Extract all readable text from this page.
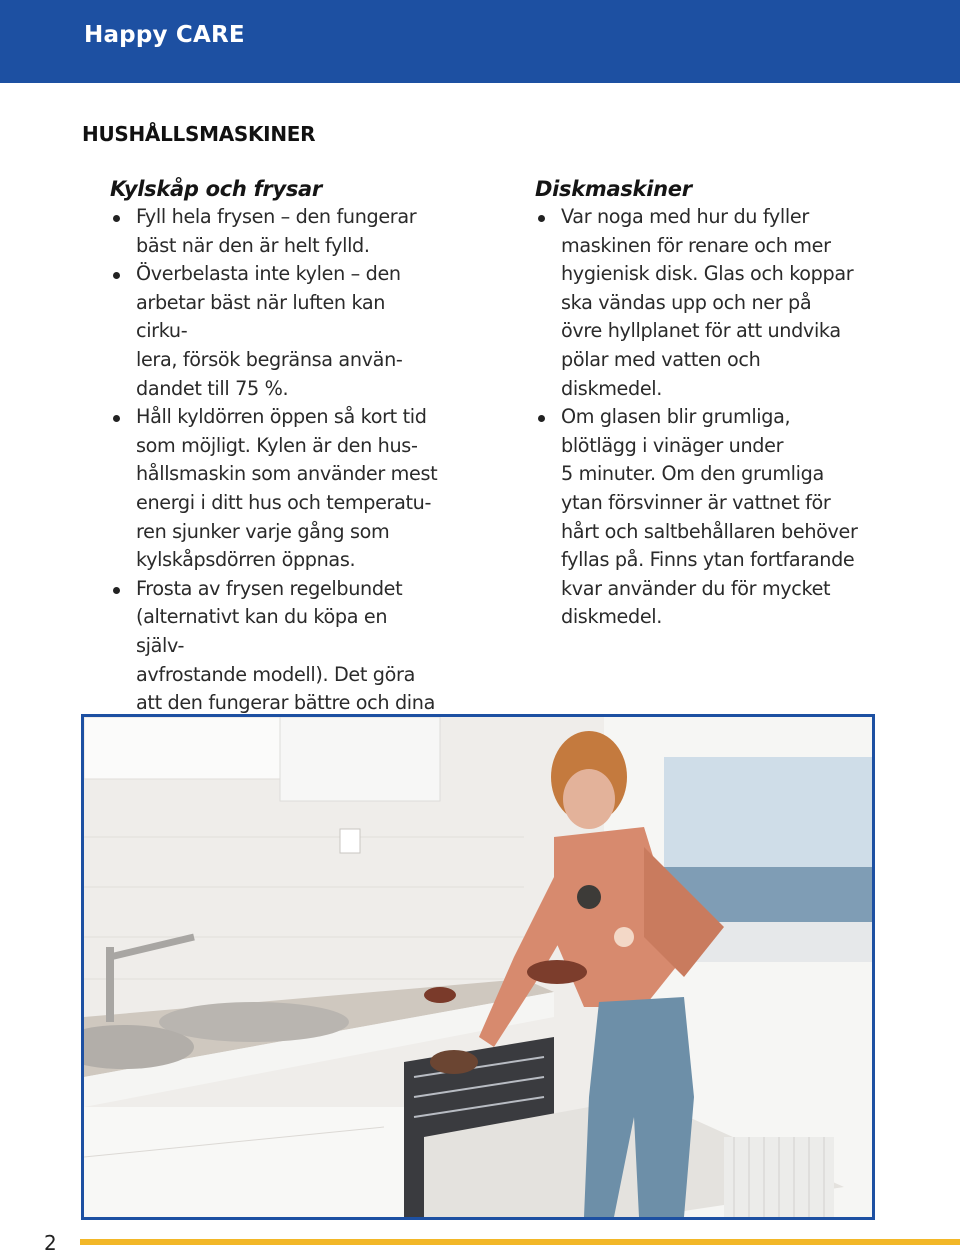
Happy CARE
HUSHÅLLSMASKINER
Kylskåp och frysar
Fyll hela frysen – den fungerar
bäst när den är helt fylld.
Överbelasta inte kylen – den
arbetar bäst när luften kan cirku-
lera, försök begränsa använ-
dandet till 75 %.
Håll kyldörren öppen så kort tid
som möjligt. Kylen är den hus-
hållsmaskin som använder mest
energi i ditt hus och temperatu-
ren sjunker varje gång som
kylskåpsdörren öppnas.
Frosta av frysen regelbundet
(alternativt kan du köpa en själv-
avfrostande modell). Det göra
att den fungerar bättre och dina

Diskmaskiner
Var noga med hur du fyller
maskinen för renare och mer
hygienisk disk. Glas och koppar
ska vändas upp och ner på
övre hyllplanet för att undvika
pölar med vatten och
diskmedel.
Om glasen blir grumliga,
blötlägg i vinäger under
5 minuter. Om den grumliga
ytan försvinner är vattnet för
hårt och saltbehållaren behöver
fyllas på. Finns ytan fortfarande
kvar använder du för mycket
diskmedel.
2
